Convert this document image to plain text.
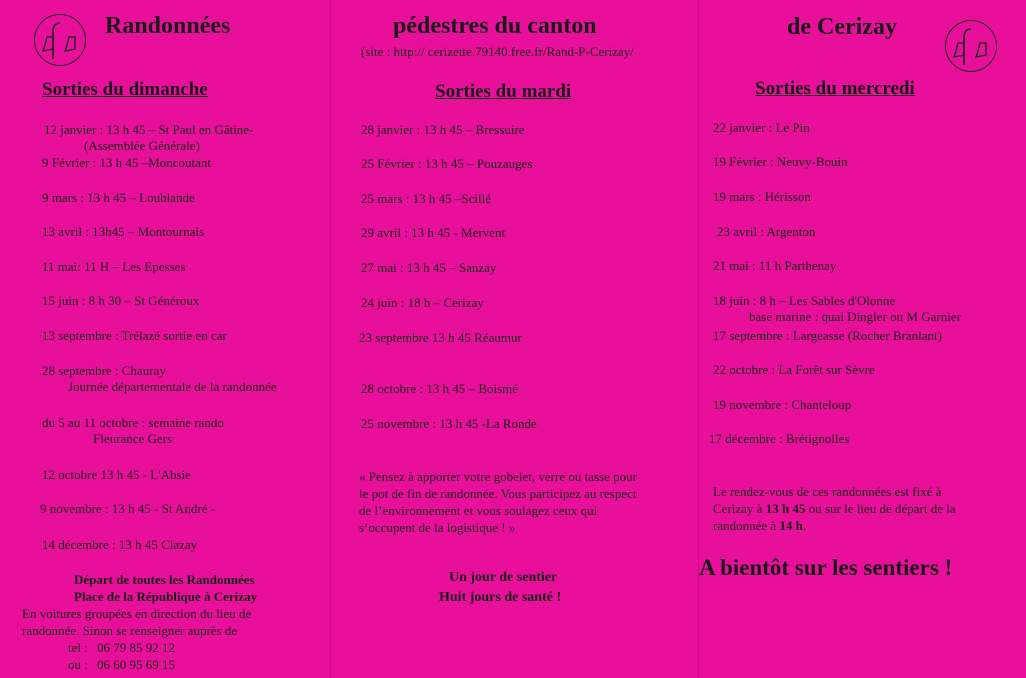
Randonnées
Sorties du dimanche
12 janvier : 13 h 45 – St Paul en Gâtine-
(Assemblée Générale)
9 Février : 13 h 45 –Moncoutant
9 mars : 13 h 45 – Loublande
13 avril : 13h45 – Montournais
11 mai: 11 H – Les Epesses
15 juin : 8 h 30 – St Généroux
13 septembre : Trélazé sortie en car
28 septembre : Chauray
Journée départementale de la randonnée
du 5 au 11 octobre : semaine rando
Fleurance Gers
12 octobre 13 h 45 - L'Absie
9 novembre : 13 h 45 - St André -
14 décembre : 13 h 45 Clazay
Départ de toutes les Randonnées
Place de la République à Cerizay
En voitures groupées en direction du lieu de
randonnée. Sinon se renseigner auprès de
tel : 06 79 85 92 12
ou : 06 60 95 69 15
pédestres du canton
(site : http:// cerizette.79140.free.fr/Rand-P-Cerizay/
Sorties du mardi
28 janvier : 13 h 45 – Bressuire
25 Février : 13 h 45 – Pouzauges
25 mars : 13 h 45 –Scillé
29 avril : 13 h 45 - Mervent
27 mai : 13 h 45 – Sanzay
24 juin : 18 h – Cerizay
23 septembre 13 h 45 Réaumur
28 octobre : 13 h 45 – Boismé
25 novembre : 13 h 45 -La Ronde
« Pensez à apporter votre gobelet, verre ou tasse pour
le pot de fin de randonnée. Vous participez au respect
de l’environnement et vous soulagez ceux qui
s’occupent de la logistique ! »
Un jour de sentier
Huit jours de santé !
de Cerizay
Sorties du mercredi
22 janvier : Le Pin
19 Février : Neuvy-Bouin
19 mars : Hérisson
23 avril : Argenton
21 mai : 11 h Parthenay
18 juin : 8 h – Les Sables d'Olonne
base marine : quai Dingler ou M Garnier
17 septembre : Largeasse (Rocher Branlant)
22 octobre : La Forêt sur Sèvre
19 novembre : Chanteloup
17 décembre : Brétignolles
Le rendez-vous de ces randonnées est fixé à
Cerizay à 13 h 45 ou sur le lieu de départ de la
randonnée à 14 h.
A bientôt sur les sentiers !
